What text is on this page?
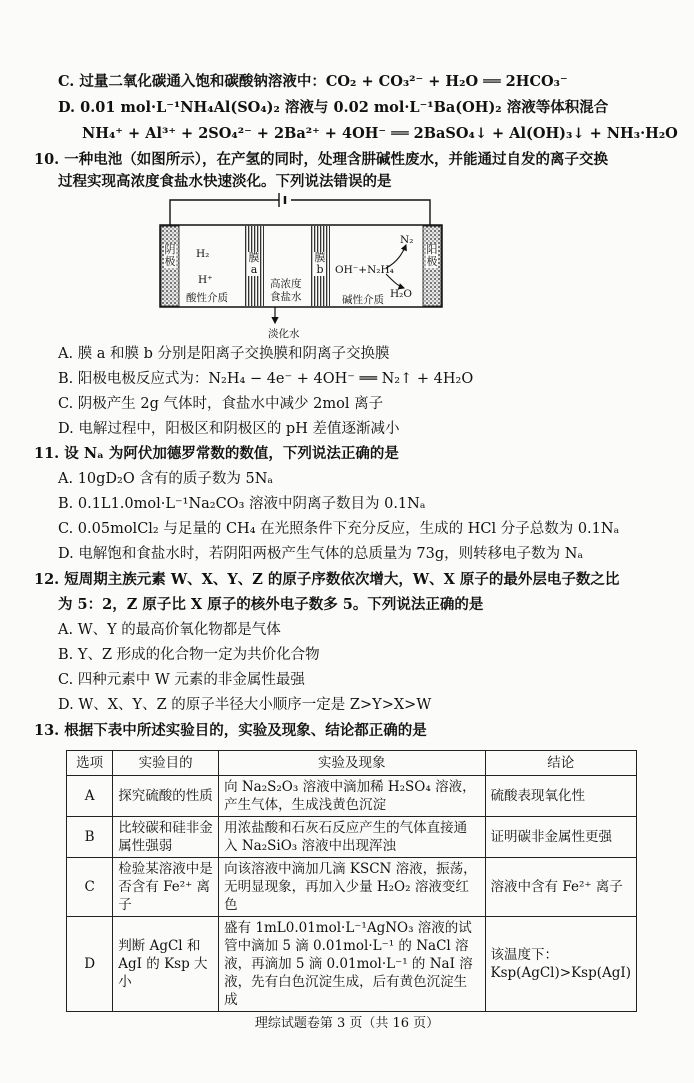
C. 过量二氧化碳通入饱和碳酸钠溶液中：CO₂ + CO₃²⁻ + H₂O ══ 2HCO₃⁻
D. 0.01 mol·L⁻¹NH₄Al(SO₄)₂ 溶液与 0.02 mol·L⁻¹Ba(OH)₂ 溶液等体积混合
NH₄⁺ + Al³⁺ + 2SO₄²⁻ + 2Ba²⁺ + 4OH⁻ ══ 2BaSO₄↓ + Al(OH)₃↓ + NH₃·H₂O
10. 一种电池（如图所示），在产氢的同时，处理含肼碱性废水，并能通过自发的离子交换
过程实现高浓度食盐水快速淡化。下列说法错误的是
阴极
阳极
H₂
H⁺
酸性介质
膜a
膜b
高浓度
食盐水
OH⁻+N₂H₄
N₂
H₂O
碱性介质
淡化水
A. 膜 a 和膜 b 分别是阳离子交换膜和阴离子交换膜
B. 阳极电极反应式为：N₂H₄ − 4e⁻ + 4OH⁻ ══ N₂↑ + 4H₂O
C. 阴极产生 2g 气体时，食盐水中减少 2mol 离子
D. 电解过程中，阳极区和阴极区的 pH 差值逐渐减小
11. 设 Nₐ 为阿伏加德罗常数的数值，下列说法正确的是
A. 10gD₂O 含有的质子数为 5Nₐ
B. 0.1L1.0mol·L⁻¹Na₂CO₃ 溶液中阴离子数目为 0.1Nₐ
C. 0.05molCl₂ 与足量的 CH₄ 在光照条件下充分反应，生成的 HCl 分子总数为 0.1Nₐ
D. 电解饱和食盐水时，若阴阳两极产生气体的总质量为 73g，则转移电子数为 Nₐ
12. 短周期主族元素 W、X、Y、Z 的原子序数依次增大，W、X 原子的最外层电子数之比
为 5：2，Z 原子比 X 原子的核外电子数多 5。下列说法正确的是
A. W、Y 的最高价氧化物都是气体
B. Y、Z 形成的化合物一定为共价化合物
C. 四种元素中 W 元素的非金属性最强
D. W、X、Y、Z 的原子半径大小顺序一定是 Z>Y>X>W
13. 根据下表中所述实验目的，实验及现象、结论都正确的是
选项	实验目的	实验及现象	结论
A	探究硫酸的性质	向 Na₂S₂O₃ 溶液中滴加稀 H₂SO₄ 溶液，产生气体，生成浅黄色沉淀	硫酸表现氧化性
B	比较碳和硅非金属性强弱	用浓盐酸和石灰石反应产生的气体直接通入 Na₂SiO₃ 溶液中出现浑浊	证明碳非金属性更强
C	检验某溶液中是否含有 Fe²⁺ 离子	向该溶液中滴加几滴 KSCN 溶液，振荡，无明显现象，再加入少量 H₂O₂ 溶液变红色	溶液中含有 Fe²⁺ 离子
D	判断 AgCl 和 AgI 的 Ksp 大小	盛有 1mL0.01mol·L⁻¹AgNO₃ 溶液的试管中滴加 5 滴 0.01mol·L⁻¹ 的 NaCl 溶液，再滴加 5 滴 0.01mol·L⁻¹ 的 NaI 溶液，先有白色沉淀生成，后有黄色沉淀生成	该温度下：Ksp(AgCl)>Ksp(AgI)
理综试题卷第 3 页（共 16 页）
